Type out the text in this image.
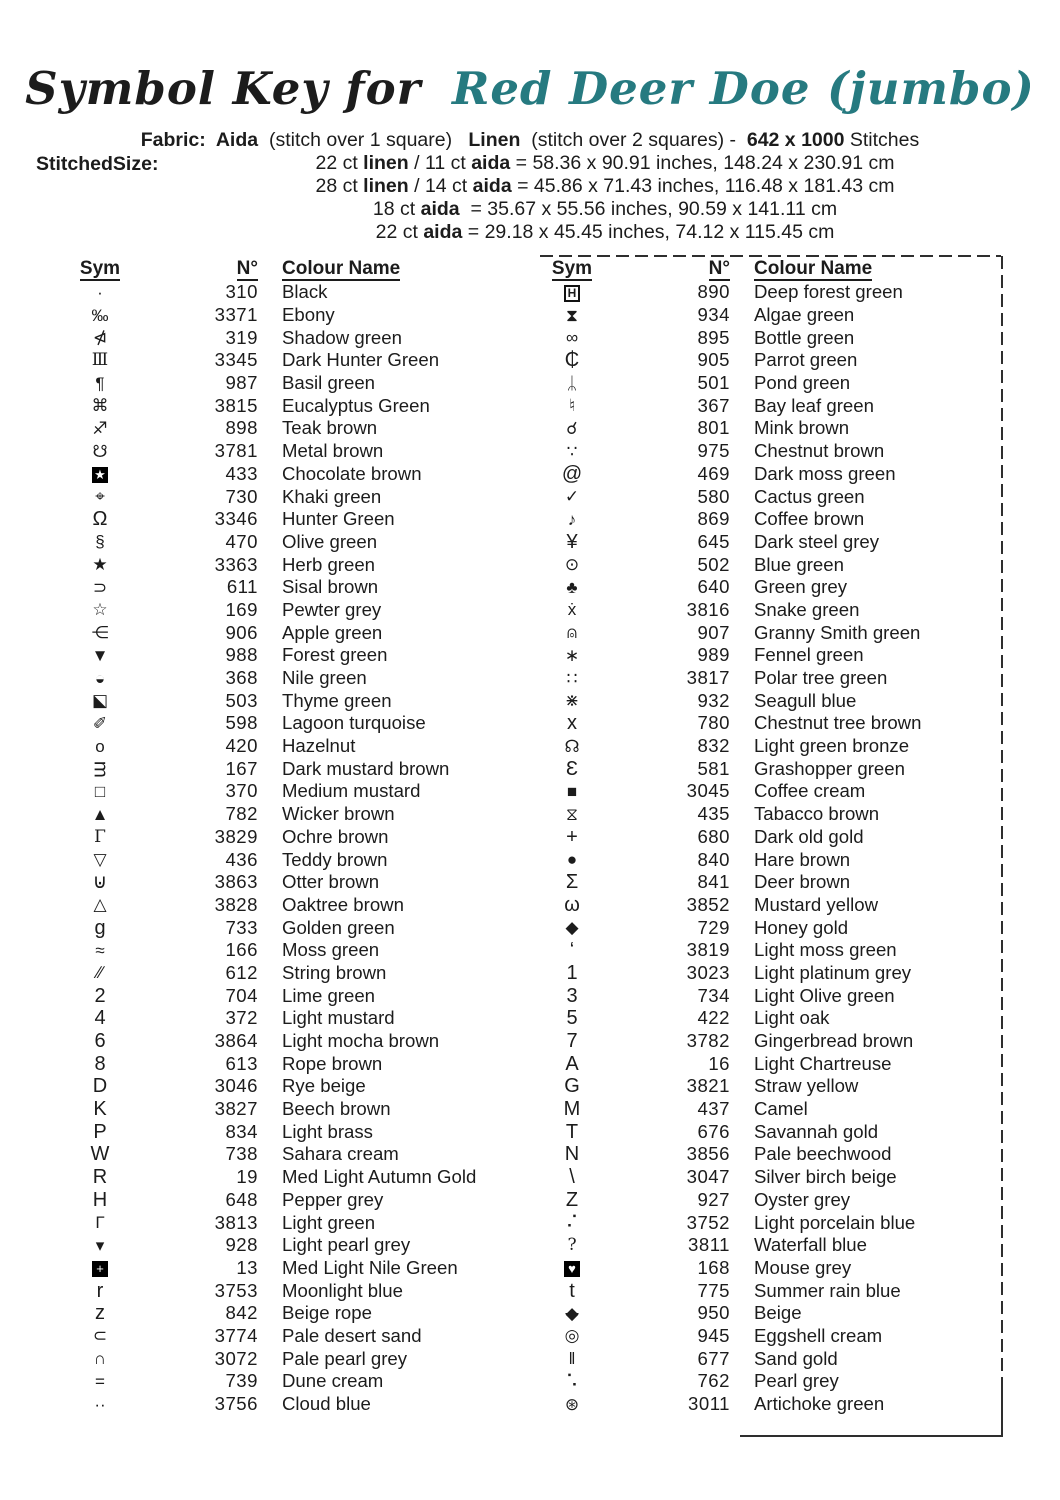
Symbol Key for Red Deer Doe (jumbo)
Fabric:  Aida  (stitch over 1 square)   Linen  (stitch over 2 squares) -  642 x 1000 Stitches
StitchedSize:	22 ct linen / 11 ct aida = 58.36 x 90.91 inches, 148.24 x 230.91 cm
28 ct linen / 14 ct aida = 45.86 x 71.43 inches, 116.48 x 181.43 cm
18 ct aida  = 35.67 x 55.56 inches, 90.59 x 141.11 cm
22 ct aida = 29.18 x 45.45 inches, 74.12 x 115.45 cm
Sym	N° Colour Name
·	310 Black
‰	3371 Ebony
⋪	319 Shadow green
Ⅲ	3345 Dark Hunter Green
¶	987 Basil green
⌘	3815 Eucalyptus Green
♐	898 Teak brown
☋	3781 Metal brown
★	433 Chocolate brown
⌖	730 Khaki green
Ω	3346 Hunter Green
§	470 Olive green
★	3363 Herb green
⊃	611 Sisal brown
☆	169 Pewter grey
⋲	906 Apple green
▼	988 Forest green
◒	368 Nile green
⬕	503 Thyme green
✐	598 Lagoon turquoise
o	420 Hazelnut
ᴟ	167 Dark mustard brown
□	370 Medium mustard
▲	782 Wicker brown
Γ	3829 Ochre brown
▽	436 Teddy brown
⊍	3863 Otter brown
△	3828 Oaktree brown
g	733 Golden green
≈	166 Moss green
∕∕	612 String brown
2	704 Lime green
4	372 Light mustard
6	3864 Light mocha brown
8	613 Rope brown
D	3046 Rye beige
K	3827 Beech brown
P	834 Light brass
W	738 Sahara cream
R	19 Med Light Autumn Gold
H	648 Pepper grey
Γ	3813 Light green
▾	928 Light pearl grey
+	13 Med Light Nile Green
r	3753 Moonlight blue
z	842 Beige rope
⊂	3774 Pale desert sand
∩	3072 Pale pearl grey
=	739 Dune cream
··	3756 Cloud blue
Sym	N° Colour Name
H	890 Deep forest green
⧗	934 Algae green
∞	895 Bottle green
₵	905 Parrot green
ᛦ	501 Pond green
♮	367 Bay leaf green
☌	801 Mink brown
∵	975 Chestnut brown
@	469 Dark moss green
✓	580 Cactus green
♪	869 Coffee brown
¥	645 Dark steel grey
⊙	502 Blue green
♣	640 Green grey
ẋ	3816 Snake green
⍝	907 Granny Smith green
∗	989 Fennel green
∷	3817 Polar tree green
⋇	932 Seagull blue
x	780 Chestnut tree brown
☊	832 Light green bronze
Ɛ	581 Grashopper green
■	3045 Coffee cream
⧖	435 Tabacco brown
+	680 Dark old gold
●	840 Hare brown
Σ	841 Deer brown
ω	3852 Mustard yellow
◆	729 Honey gold
‘	3819 Light moss green
1	3023 Light platinum grey
3	734 Light Olive green
5	422 Light oak
7	3782 Gingerbread brown
A	16 Light Chartreuse
G	3821 Straw yellow
M	437 Camel
T	676 Savannah gold
N	3856 Pale beechwood
\	3047 Silver birch beige
Z	927 Oyster grey
⠌	3752 Light porcelain blue
?	3811 Waterfall blue
♥	168 Mouse grey
t	775 Summer rain blue
◆	950 Beige
◎	945 Eggshell cream
ǁ	677 Sand gold
⠡	762 Pearl grey
⊛	3011 Artichoke green
